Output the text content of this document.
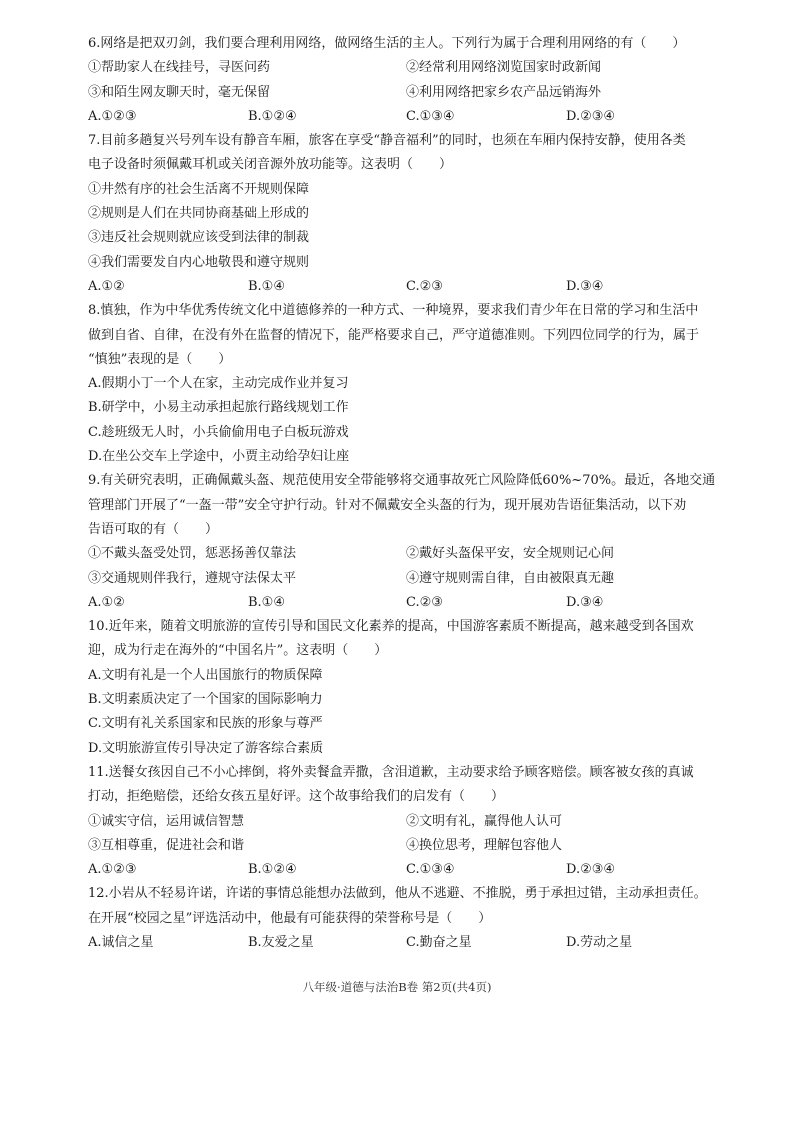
6.网络是把双刃剑，我们要合理利用网络，做网络生活的主人。下列行为属于合理利用网络的有（　　）
①帮助家人在线挂号，寻医问药	②经常利用网络浏览国家时政新闻
③和陌生网友聊天时，毫无保留	④利用网络把家乡农产品远销海外
A.①②③	B.①②④	C.①③④	D.②③④
7.目前多趟复兴号列车设有静音车厢，旅客在享受“静音福利”的同时，也须在车厢内保持安静，使用各类
电子设备时须佩戴耳机或关闭音源外放功能等。这表明（　　）
①井然有序的社会生活离不开规则保障
②规则是人们在共同协商基础上形成的
③违反社会规则就应该受到法律的制裁
④我们需要发自内心地敬畏和遵守规则
A.①②	B.①④	C.②③	D.③④
8.慎独，作为中华优秀传统文化中道德修养的一种方式、一种境界，要求我们青少年在日常的学习和生活中
做到自省、自律，在没有外在监督的情况下，能严格要求自己，严守道德准则。下列四位同学的行为，属于
“慎独”表现的是（　　）
A.假期小丁一个人在家，主动完成作业并复习
B.研学中，小易主动承担起旅行路线规划工作
C.趁班级无人时，小兵偷偷用电子白板玩游戏
D.在坐公交车上学途中，小贾主动给孕妇让座
9.有关研究表明，正确佩戴头盔、规范使用安全带能够将交通事故死亡风险降低60%~70%。最近，各地交通
管理部门开展了“一盔一带”安全守护行动。针对不佩戴安全头盔的行为，现开展劝告语征集活动，以下劝
告语可取的有（　　）
①不戴头盔受处罚，惩恶扬善仅靠法	②戴好头盔保平安，安全规则记心间
③交通规则伴我行，遵规守法保太平	④遵守规则需自律，自由被限真无趣
A.①②	B.①④	C.②③	D.③④
10.近年来，随着文明旅游的宣传引导和国民文化素养的提高，中国游客素质不断提高，越来越受到各国欢
迎，成为行走在海外的“中国名片”。这表明（　　）
A.文明有礼是一个人出国旅行的物质保障
B.文明素质决定了一个国家的国际影响力
C.文明有礼关系国家和民族的形象与尊严
D.文明旅游宣传引导决定了游客综合素质
11.送餐女孩因自己不小心摔倒，将外卖餐盒弄撒，含泪道歉，主动要求给予顾客赔偿。顾客被女孩的真诚
打动，拒绝赔偿，还给女孩五星好评。这个故事给我们的启发有（　　）
①诚实守信，运用诚信智慧	②文明有礼，赢得他人认可
③互相尊重，促进社会和谐	④换位思考，理解包容他人
A.①②③	B.①②④	C.①③④	D.②③④
12.小岩从不轻易许诺，许诺的事情总能想办法做到，他从不逃避、不推脱，勇于承担过错，主动承担责任。
在开展“校园之星”评选活动中，他最有可能获得的荣誉称号是（　　）
A.诚信之星	B.友爱之星	C.勤奋之星	D.劳动之星
八年级·道德与法治B卷 第2页(共4页)
